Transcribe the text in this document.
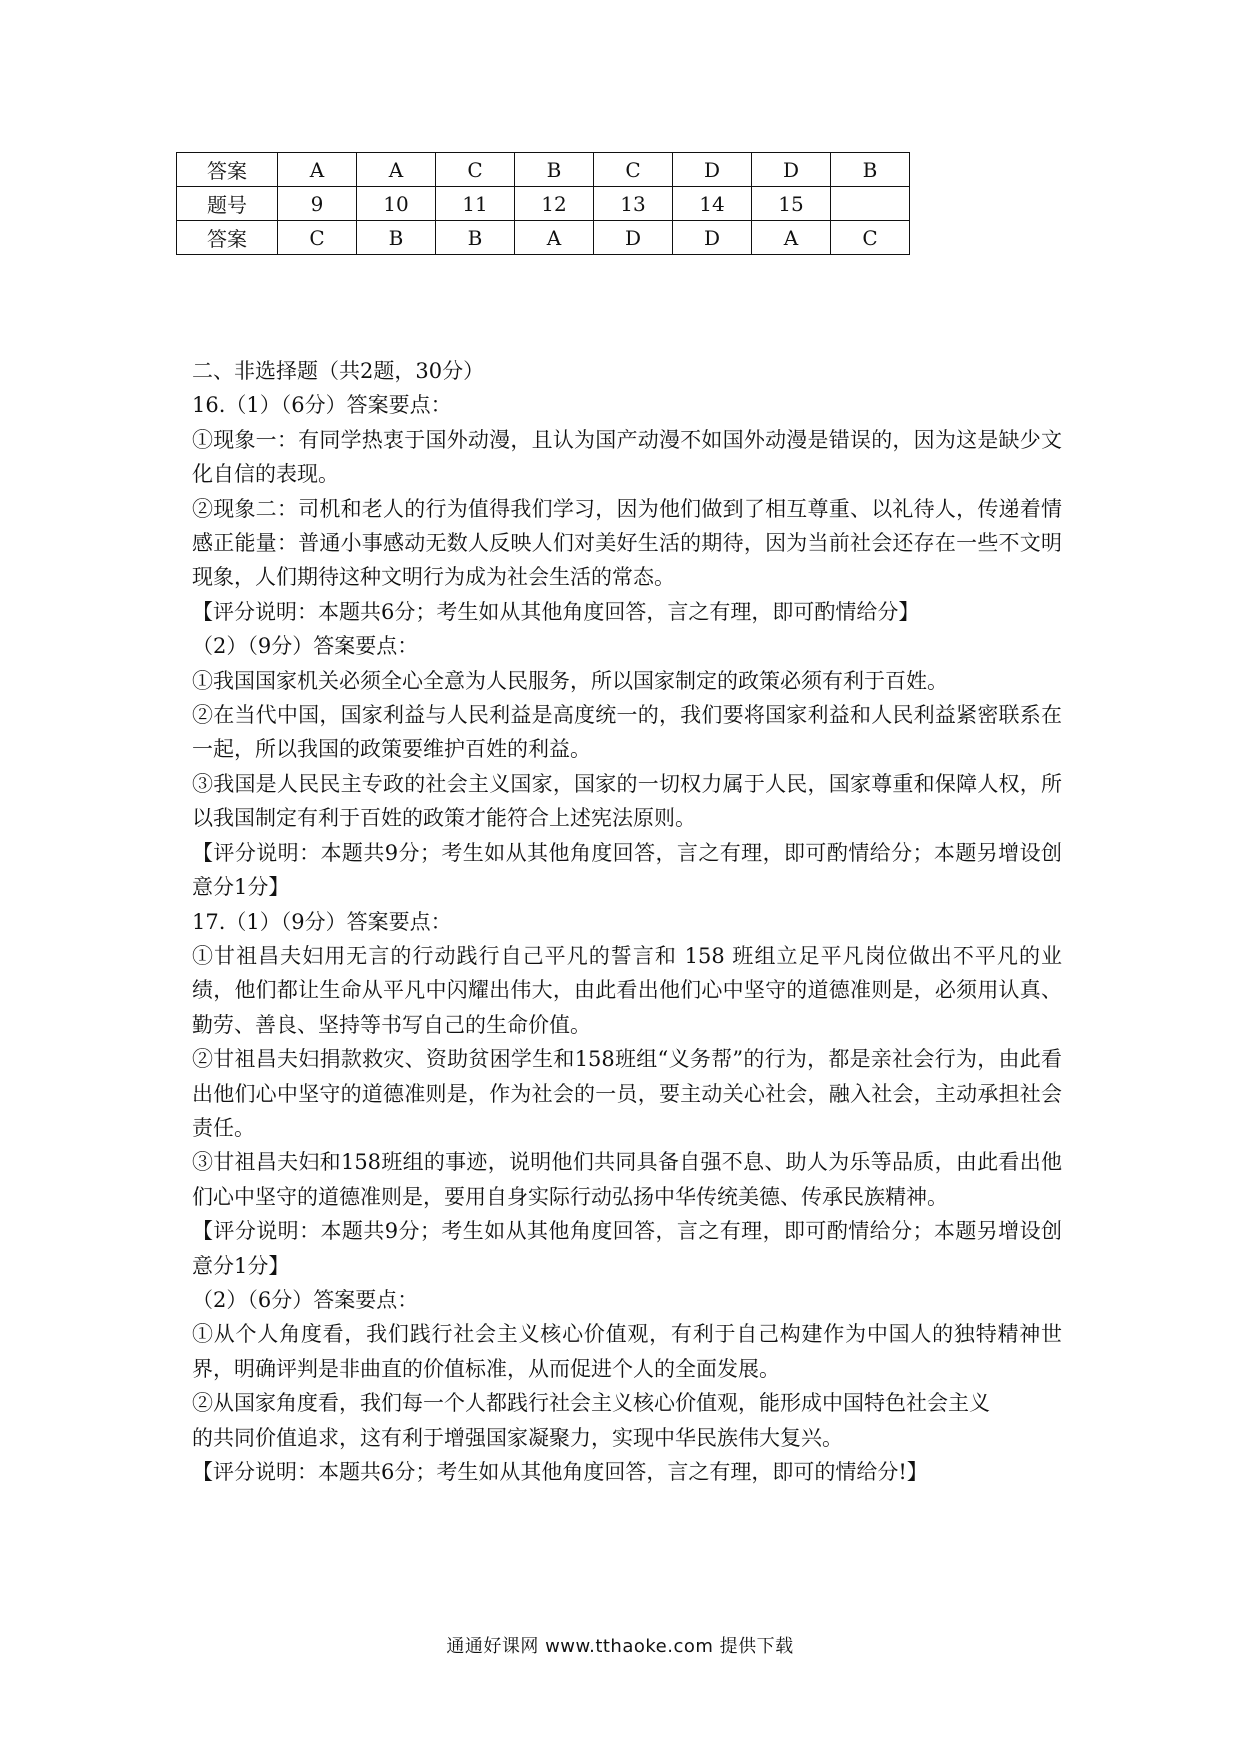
答案	A	A	C	B	C	D	D	B
题号	9	10	11	12	13	14	15	
答案	C	B	B	A	D	D	A	C

二、非选择题（共2题，30分）

16.（1）（6分）答案要点：

①现象一：有同学热衷于国外动漫，且认为国产动漫不如国外动漫是错误的，因为这是缺少文化自信的表现。

②现象二：司机和老人的行为值得我们学习，因为他们做到了相互尊重、以礼待人，传递着情感正能量：普通小事感动无数人反映人们对美好生活的期待，因为当前社会还存在一些不文明现象，人们期待这种文明行为成为社会生活的常态。

【评分说明：本题共6分；考生如从其他角度回答，言之有理，即可酌情给分】

（2）（9分）答案要点：

①我国国家机关必须全心全意为人民服务，所以国家制定的政策必须有利于百姓。

②在当代中国，国家利益与人民利益是高度统一的，我们要将国家利益和人民利益紧密联系在一起，所以我国的政策要维护百姓的利益。

③我国是人民民主专政的社会主义国家，国家的一切权力属于人民，国家尊重和保障人权，所以我国制定有利于百姓的政策才能符合上述宪法原则。

【评分说明：本题共9分；考生如从其他角度回答，言之有理，即可酌情给分；本题另增设创意分1分】

17.（1）（9分）答案要点：

①甘祖昌夫妇用无言的行动践行自己平凡的誓言和 158 班组立足平凡岗位做出不平凡的业绩，他们都让生命从平凡中闪耀出伟大，由此看出他们心中坚守的道德准则是，必须用认真、勤劳、善良、坚持等书写自己的生命价值。

②甘祖昌夫妇捐款救灾、资助贫困学生和158班组“义务帮”的行为，都是亲社会行为，由此看出他们心中坚守的道德准则是，作为社会的一员，要主动关心社会，融入社会，主动承担社会责任。

③甘祖昌夫妇和158班组的事迹，说明他们共同具备自强不息、助人为乐等品质，由此看出他们心中坚守的道德准则是，要用自身实际行动弘扬中华传统美德、传承民族精神。

【评分说明：本题共9分；考生如从其他角度回答，言之有理，即可酌情给分；本题另增设创意分1分】

（2）（6分）答案要点：

①从个人角度看，我们践行社会主义核心价值观，有利于自己构建作为中国人的独特精神世界，明确评判是非曲直的价值标准，从而促进个人的全面发展。

②从国家角度看，我们每一个人都践行社会主义核心价值观，能形成中国特色社会主义

的共同价值追求，这有利于增强国家凝聚力，实现中华民族伟大复兴。

【评分说明：本题共6分；考生如从其他角度回答，言之有理，即可的情给分!】

通通好课网 www.tthaoke.com 提供下载
